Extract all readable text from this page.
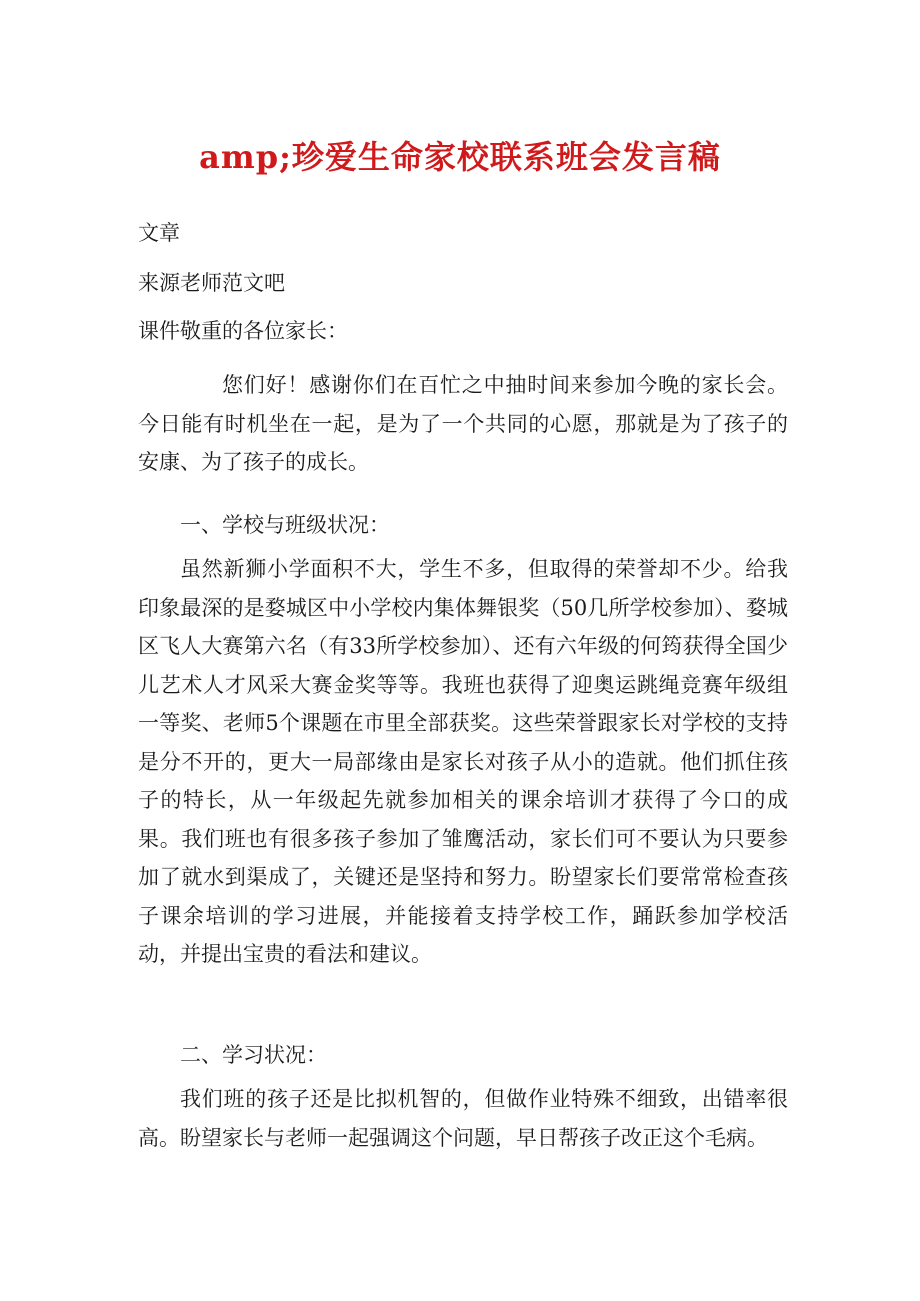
amp;珍爱生命家校联系班会发言稿

文章

来源老师范文吧

课件敬重的各位家长：

您们好！感谢你们在百忙之中抽时间来参加今晚的家长会。今日能有时机坐在一起，是为了一个共同的心愿，那就是为了孩子的安康、为了孩子的成长。

一、学校与班级状况：

虽然新狮小学面积不大，学生不多，但取得的荣誉却不少。给我印象最深的是婺城区中小学校内集体舞银奖（50几所学校参加）、婺城区飞人大赛第六名（有33所学校参加）、还有六年级的何筠获得全国少儿艺术人才风采大赛金奖等等。我班也获得了迎奥运跳绳竞赛年级组一等奖、老师5个课题在市里全部获奖。这些荣誉跟家长对学校的支持是分不开的，更大一局部缘由是家长对孩子从小的造就。他们抓住孩子的特长，从一年级起先就参加相关的课余培训才获得了今口的成果。我们班也有很多孩子参加了雏鹰活动，家长们可不要认为只要参加了就水到渠成了，关键还是坚持和努力。盼望家长们要常常检查孩子课余培训的学习进展，并能接着支持学校工作，踊跃参加学校活动，并提出宝贵的看法和建议。

二、学习状况：

我们班的孩子还是比拟机智的，但做作业特殊不细致，出错率很高。盼望家长与老师一起强调这个问题，早日帮孩子改正这个毛病。
